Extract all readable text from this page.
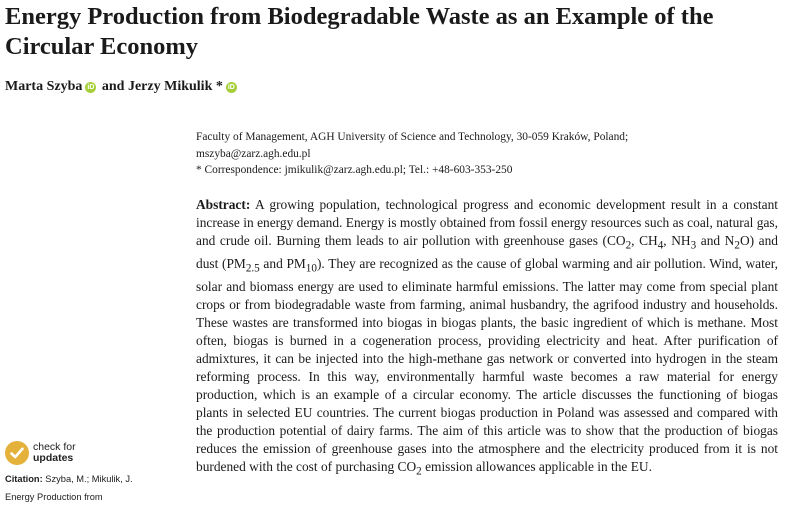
Energy Production from Biodegradable Waste as an Example of the Circular Economy
Marta Szyba iD and Jerzy Mikulik * iD
Faculty of Management, AGH University of Science and Technology, 30-059 Kraków, Poland;
mszyba@zarz.agh.edu.pl
* Correspondence: jmikulik@zarz.agh.edu.pl; Tel.: +48-603-353-250
Abstract: A growing population, technological progress and economic development result in a constant increase in energy demand. Energy is mostly obtained from fossil energy resources such as coal, natural gas, and crude oil. Burning them leads to air pollution with greenhouse gases ($CO_2$, $CH_4$, $NH_3$ and $N_2O$) and dust ($PM_{2.5}$ and $PM_{10}$). They are recognized as the cause of global warming and air pollution. Wind, water, solar and biomass energy are used to eliminate harmful emissions. The latter may come from special plant crops or from biodegradable waste from farming, animal husbandry, the agrifood industry and households. These wastes are transformed into biogas in biogas plants, the basic ingredient of which is methane. Most often, biogas is burned in a cogeneration process, providing electricity and heat. After purification of admixtures, it can be injected into the high-methane gas network or converted into hydrogen in the steam reforming process. In this way, environmentally harmful waste becomes a raw material for energy production, which is an example of a circular economy. The article discusses the functioning of biogas plants in selected EU countries. The current biogas production in Poland was assessed and compared with the production potential of dairy farms. The aim of this article was to show that the production of biogas reduces the emission of greenhouse gases into the atmosphere and the electricity produced from it is not burdened with the cost of purchasing $CO_2$ emission allowances applicable in the EU.
check for
updates
Citation: Szyba, M.; Mikulik, J.
Energy Production from
